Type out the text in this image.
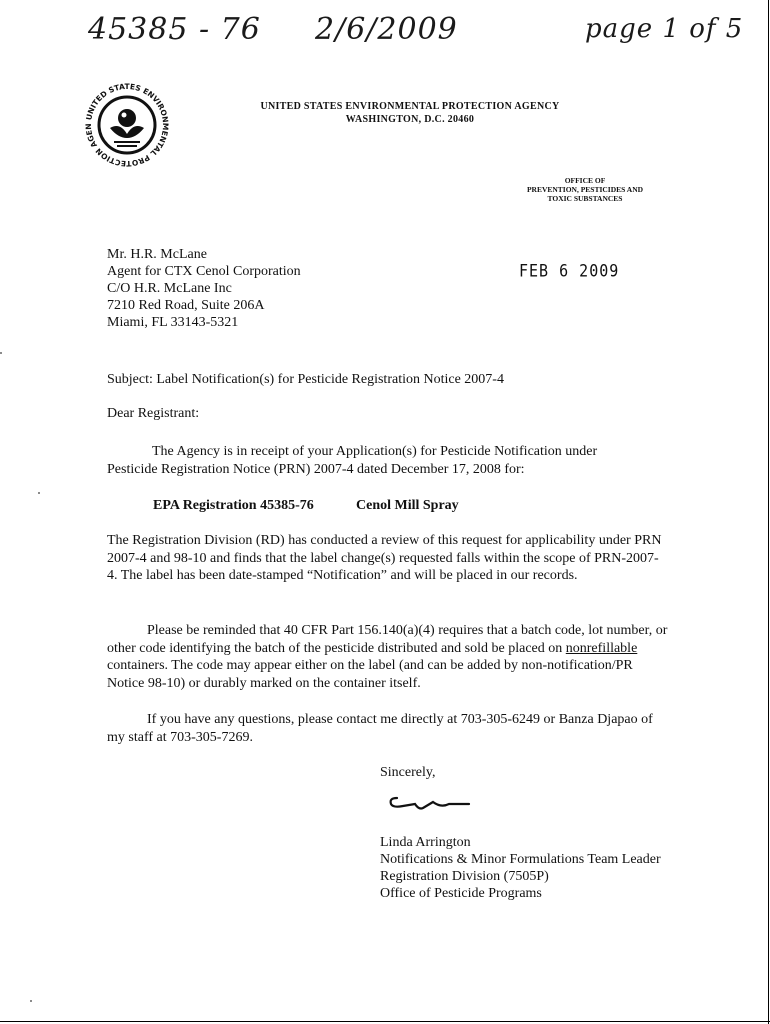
45385 - 76 2/6/2009	page 1 of 5
UNITED STATES ENVIRONMENTAL PROTECTION AGEN
UNITED STATES ENVIRONMENTAL PROTECTION AGENCY
WASHINGTON, D.C. 20460
OFFICE OF
PREVENTION, PESTICIDES AND
TOXIC SUBSTANCES
Mr. H.R. McLane
Agent for CTX Cenol Corporation
C/O H.R. McLane Inc
7210 Red Road, Suite 206A
Miami, FL 33143-5321
FEB 6 2009
Subject: Label Notification(s) for Pesticide Registration Notice 2007-4
Dear Registrant:
The Agency is in receipt of your Application(s) for Pesticide Notification under Pesticide Registration Notice (PRN) 2007-4 dated December 17, 2008 for:
EPA Registration 45385-76	Cenol Mill Spray
The Registration Division (RD) has conducted a review of this request for applicability under PRN 2007-4 and 98-10 and finds that the label change(s) requested falls within the scope of PRN-2007-4. The label has been date-stamped “Notification” and will be placed in our records.
Please be reminded that 40 CFR Part 156.140(a)(4) requires that a batch code, lot number, or other code identifying the batch of the pesticide distributed and sold be placed on nonrefillable containers. The code may appear either on the label (and can be added by non-notification/PR Notice 98-10) or durably marked on the container itself.
If you have any questions, please contact me directly at 703-305-6249 or Banza Djapao of my staff at 703-305-7269.
Sincerely,
Linda Arrington
Notifications & Minor Formulations Team Leader
Registration Division (7505P)
Office of Pesticide Programs
